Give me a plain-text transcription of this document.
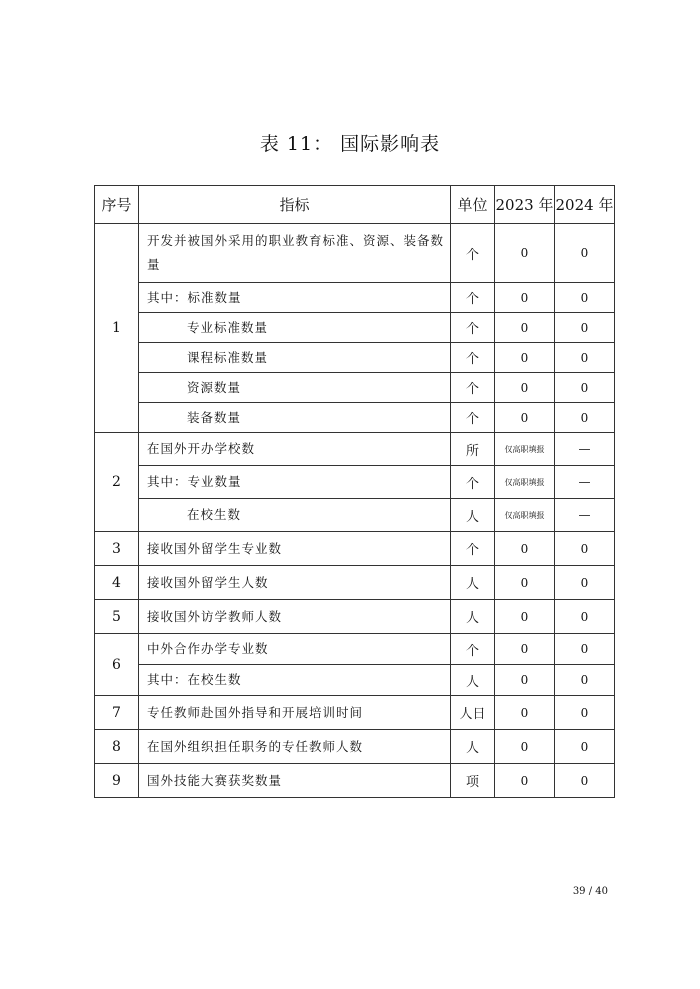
表 11： 国际影响表
序号	指标	单位	2023 年	2024 年
1	开发并被国外采用的职业教育标准、资源、装备数量	个	0	0
	其中：标准数量	个	0	0
	专业标准数量	个	0	0
	课程标准数量	个	0	0
	资源数量	个	0	0
	装备数量	个	0	0
2	在国外开办学校数	所	仅高职填报	—
	其中：专业数量	个	仅高职填报	—
	在校生数	人	仅高职填报	—
3	接收国外留学生专业数	个	0	0
4	接收国外留学生人数	人	0	0
5	接收国外访学教师人数	人	0	0
6	中外合作办学专业数	个	0	0
	其中：在校生数	人	0	0
7	专任教师赴国外指导和开展培训时间	人日	0	0
8	在国外组织担任职务的专任教师人数	人	0	0
9	国外技能大赛获奖数量	项	0	0
39 / 40
